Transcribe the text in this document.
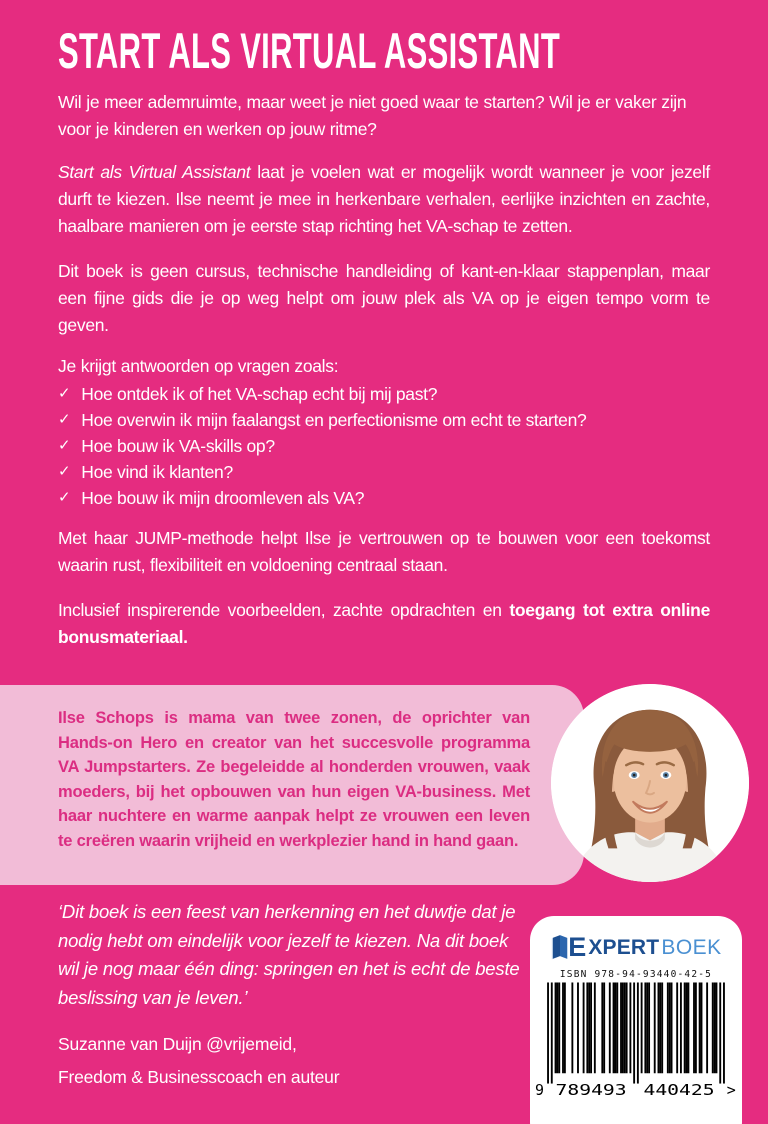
START ALS VIRTUAL ASSISTANT

Wil je meer ademruimte, maar weet je niet goed waar te starten? Wil je er vaker zijn voor je kinderen en werken op jouw ritme?

Start als Virtual Assistant laat je voelen wat er mogelijk wordt wanneer je voor jezelf durft te kiezen. Ilse neemt je mee in herkenbare verhalen, eerlijke inzichten en zachte, haalbare manieren om je eerste stap richting het VA-schap te zetten.

Dit boek is geen cursus, technische handleiding of kant-en-klaar stappenplan, maar een fijne gids die je op weg helpt om jouw plek als VA op je eigen tempo vorm te geven.

Je krijgt antwoorden op vragen zoals:

✓ Hoe ontdek ik of het VA-schap echt bij mij past?
✓ Hoe overwin ik mijn faalangst en perfectionisme om echt te starten?
✓ Hoe bouw ik VA-skills op?
✓ Hoe vind ik klanten?
✓ Hoe bouw ik mijn droomleven als VA?

Met haar JUMP-methode helpt Ilse je vertrouwen op te bouwen voor een toekomst waarin rust, flexibiliteit en voldoening centraal staan.

Inclusief inspirerende voorbeelden, zachte opdrachten en toegang tot extra online bonusmateriaal.

Ilse Schops is mama van twee zonen, de oprichter van Hands-on Hero en creator van het succesvolle programma VA Jumpstarters. Ze begeleidde al honderden vrouwen, vaak moeders, bij het opbouwen van hun eigen VA-business. Met haar nuchtere en warme aanpak helpt ze vrouwen een leven te creëren waarin vrijheid en werkplezier hand in hand gaan.

‘Dit boek is een feest van herkenning en het duwtje dat je nodig hebt om eindelijk voor jezelf te kiezen. Na dit boek wil je nog maar één ding: springen en het is echt de beste beslissing van je leven.’

Suzanne van Duijn @vrijemeid,
Freedom & Businesscoach en auteur
E XPERT BOEK
ISBN 978-94-93440-42-5
9 789493 440425 >
